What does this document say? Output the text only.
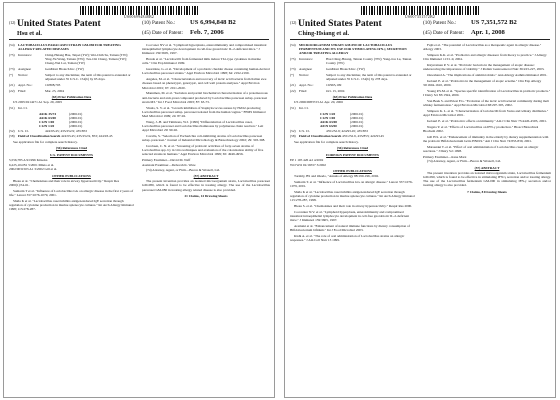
US006994848B2
(12) United States Patent
Hsu et al.
(10) Patent No.: US 6,994,848 B2
(45) Date of Patent: Feb. 7, 2006
(54) LACTOBACILLUS PARACASEI STRAIN GM-080 FOR TREATING ALLERGY RELATED DISEASES
(75) Inventors:	Ching-Hsiang Hsu, Taipei (TW); Wei-Chih Su, Tainan (TW); Ying-Yu Wang, Tainan (TW); Tze-Chi Chang, Tainan (TW); Cheng-Wei Lai, Tainan (TW)
(73) Assignee:	GenMont Biotech Inc. (TW)
(*)	Notice:	Subject to any disclaimer, the term of this patent is extended or adjusted under 35 U.S.C. 154(b) by 65 days.
(21) Appl. No.:	10/808,703
(22) Filed:	Mar. 25, 2004
(65) Prior Publication Data
US 2005/0214271 A1 Sep. 29, 2005
(51) Int. Cl.
A61K 35/74	(2006.01)
A61K 63/00	(2006.01)
C12N 1/00	(2006.01)
C12N 1/20	(2006.01)
(52) U.S. Cl.	424/93.45; 435/252.9; 435/853
(58) Field of Classification Search 424/93.45; 435/252.9, 853; 424/93.45
See application file for complete search history.
(56) References Cited
U.S. PATENT DOCUMENTS
5,556,785 A 9/1996 Kitaoka
6,225,104 B1 5/2001 Mikio et al.
2002/0031503 A1 3/2002 Gill et al.
OTHER PUBLICATIONS
Bleau et al. "Chemokines and their role in airway hyperreactivity." Respir Res 2000(1):54-61.
Sumarin T et al. "Influence of Lactobacillus GG on allergic disease in the first 2 years of life." Lancet 357:1076-1079, 2001.
Shida K et al. "Lactobacillus casei inhibits antigen-induced IgE secretion through regulation of cytokine production in murine splenocyte cultures." Int Arch Allergy Immunol 1998; 115:278-287.
Cocconer NV et al. "Lymphoid hyperplasia, enteroimmunity and compromised intestinal intraepithelial lymphocyte development in cell-free gnotobiotic IL-2-deficient mice." J Immunol 159:3605, 1997.
Honda et al. "Lactobacilli from fermented milk induce Th1-type cytokines in murine cells." Clin Exp Immunol 1999.
Guaridare, G. et al. "Development of a probiotic cheddar cheese containing human-derived Lactobacillus paracasei strains." Appl Environ Microbiol 1998; 64: 2192-2199.
Angeles, M. et al. "Characterization and recovery of lactic acid bacteria from Italian ewe cheeses based on phenotypic, genotypic, and cell wall protein analyses." Appl Environ Microbiol 2001; 67: 2011-2020.
Mannmen, M. et al. "Isolation and partial biochemical characterization of a proteinaceous anti-bacteria and anti-yeast compound produced by Lactobacillus paracasei subsp. paracasei strain M3." Int J Food Microbiol 2003; 87: 63-73.
Vinals, S. V. et al. "Growth inhibition of Staphylococcus aureus by H2O2-producing Lactobacillus paracasei subsp. paracasei isolated from the human vagina." FEMS Immunol Med Microbiol 1999; 24: 87-92.
Wang, J.-H. and Timmons, W.J. (1999) "Differentiation of Lactobacillus casei, Lactobacillus paracasei and Lactobacillus rhamnosus by polymerase chain reaction." Lett Appl Microbiol 29: 90-92.
Cavalla, S. "Selection of Escherichia coli-inhibiting strains of Lactobacillus paracasei subsp. paracasei." Journal of Industrial Microbiology & Biotechnology 2002; 29: 303-308.
Jacobsen, C. N. et al. "Screening of probiotic activities of forty-seven strains of Lactobacillus spp. by in vitro techniques and evaluation of the colonization ability of five selected strains in humans." Appl Environ Microbiol 1999; 65: 4949-4956.
Primary Examiner—David M. Naff
Assistant Examiner—Deborah K. Ware
(74) Attorney, Agent, or Firm—Bacon & Wrazell, Ltd.
(57) ABSTRACT
The present invention provides an isolated microorganism strain, Lactobacillus paracasei GM-080, which is found to be effective in treating allergy. The use of the Lactobacillus paracasei GM-080 in treating allergy related disease is also provided.
21 Claims, 14 Drawing Sheets
US007351572B2
(12) United States Patent
Ching-Hsiang et al.
(10) Patent No.: US 7,351,572 B2
(45) Date of Patent: Apr. 1, 2008
(54) MICROORGANISM STRAIN GM-090 OF LACTOBACILLUS FERMENTUM AND ITS USE FOR STIMULATING IFN-γ SECRETION AND/OR TREATING ALLERGY
(75) Inventors:	Hsu Ching-Hsiang, Tainan County (TW); Yang-Jou Lu, Tainan County (TW)
(73) Assignee:	GenMont Biotech Inc. (TW)
(*)	Notice:	Subject to any disclaimer, the term of this patent is extended or adjusted under 35 U.S.C. 154(b) by 278 days.
(21) Appl. No.:	10/965,109
(22) Filed:	Oct. 15, 2004
(65) Prior Publication Data
US 2006/0083723 A1 Apr. 20, 2006
(51) Int. Cl.
C12N 1/20	(2006.01)
C12N 1/00	(2006.01)
A61K 63/00	(2006.01)
A01N 63/00	(2006.01)
(52) U.S. Cl.	435/252.9; 424/93.45; 435/853
(58) Field of Classification Search 435/252.9, 435/853; 424/93.45
See application file for complete search history.
(56) References Cited
FOREIGN PATENT DOCUMENTS
EP 1 195 426 A2 4/2002
WO WO 02/16557 3/2002
OTHER PUBLICATIONS
Tornhly, BS and Okado, "Annals of Allergy 88:190-196, 2002.
Sumarin T. et al. "Influence of Lactobacillus GG on allergic disease." Lancet 357:1076-1079, 2001.
Shida K et al. "Lactobacillus casei inhibits antigen-induced IgE secretion through regulation of cytokine production in murine splenocyte cultures." Int Arch Allergy Immunol 115:278-287, 1998.
Bleau S. et al. "Chemokines and their role in airway hyperreactivity." Respir Res 2000.
Coconnier N.V. et al. "Lymphoid hyperplasia, enteroimmunity and compromised intestinal intraepithelial lymphocyte development in cell-free gnotobiotic IL-2-deficient mice." J Immunol 159:3605, 1997.
Aramaki et al. "Enhancement of natural immune functions by dietary consumption of Bifidobacterium bifidum." Int J Food Microbiol 2003.
Kishi A. et al. "The role of oral administration of Lactobacillus strains on allergic responses." J Am Coll Nutr 13 1999.
Fujii et al. "The potential of Lactobacillus as a therapeutic agent in allergic disease." Allergy 2003.
Simpson K.K. et al. "Probiotics and allergic diseases: from theory to practice." J Allergy Clin Immunol 113:1-9, 2004.
Kirjavainen P. V. et al. "Probiotic bacteria in the management of atopic disease: underscoring the importance of viability." J Pediatr Gastroenterol Nutr 36:223-227, 2003.
Ouwehand A. "The implications of antimicrobials." Ann Allergy Asthma Immunol 2001.
Isolauri E. et al. "Probiotics in the management of atopic eczema." Clin Exp Allergy 30:1604-1610, 2000.
Young P.S.M. et al. "Species specific identification of Lactobacillus in probiotic products." J Dairy Sci 83:1594, 2000.
Van Beek S. and Priest F.G. "Evolution of the lactic acid bacterial community during malt whisky fermentation." Appl Environ Microbiol 68:297-305, 2002.
Simpson K. L. et al. "Characterization of lactobacilli from Swiss and whisky distilleries." Appl Environ Microbiol 2001.
Isolauri E. et al. "Probiotics: effects on immunity." Am J Clin Nutr 73:444S-450S, 2001.
Nagata Y. et al. "Effects of Lactobacillus on IFN-γ production." Biosci Biotechnol Biochem 2002.
Gill H.S. et al. "Enhancement of immunity in the elderly by dietary supplementation with the probiotic Bifidobacterium lactis HN019." Am J Clin Nutr 74:833-839, 2001.
Matsuzaki T. et al. "Effect of oral administration of Lactobacillus casei on allergic reactions." J Dairy Sci 1998.
Primary Examiner—Irene Marx
(74) Attorney, Agent, or Firm—Bacon & Wrazell, Ltd.
(57) ABSTRACT
The present invention provides an isolated microorganism strain, Lactobacillus fermentum GM-090, which is found to be effective in stimulating IFN-γ secretion and/or treating allergy. The use of the Lactobacillus fermentum GM-090 in stimulating IFN-γ secretion and/or treating allergy is also provided.
7 Claims, 8 Drawing Sheets
